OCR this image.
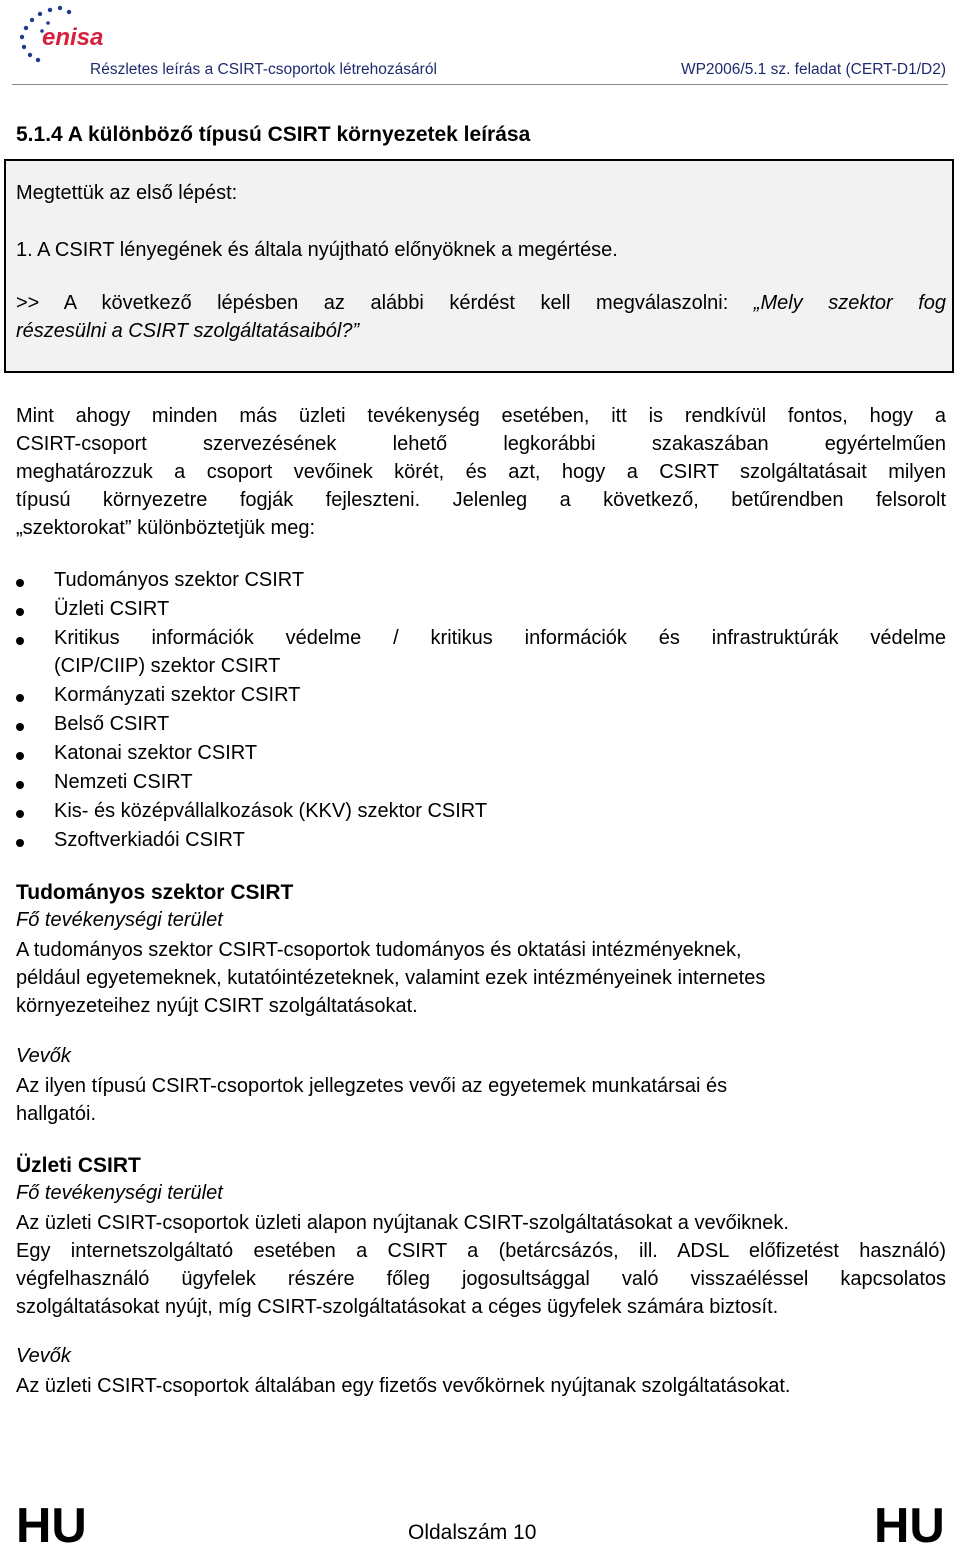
enisa
Részletes leírás a CSIRT-csoportok létrehozásáról	WP2006/5.1 sz. feladat (CERT-D1/D2)
5.1.4 A különböző típusú CSIRT környezetek leírása
Megtettük az első lépést:
1. A CSIRT lényegének és általa nyújtható előnyöknek a megértése.
>> A következő lépésben az alábbi kérdést kell megválaszolni: „Mely szektor fog
részesülni a CSIRT szolgáltatásaiból?”
Mint ahogy minden más üzleti tevékenység esetében, itt is rendkívül fontos, hogy a
CSIRT-csoport szervezésének lehető legkorábbi szakaszában egyértelműen
meghatározzuk a csoport vevőinek körét, és azt, hogy a CSIRT szolgáltatásait milyen
típusú környezetre fogják fejleszteni. Jelenleg a következő, betűrendben felsorolt
„szektorokat” különböztetjük meg:
Tudományos szektor CSIRT
Üzleti CSIRT
Kritikus információk védelme / kritikus információk és infrastruktúrák védelme
(CIP/CIIP) szektor CSIRT
Kormányzati szektor CSIRT
Belső CSIRT
Katonai szektor CSIRT
Nemzeti CSIRT
Kis- és középvállalkozások (KKV) szektor CSIRT
Szoftverkiadói CSIRT
Tudományos szektor CSIRT
Fő tevékenységi terület
A tudományos szektor CSIRT-csoportok tudományos és oktatási intézményeknek,
például egyetemeknek, kutatóintézeteknek, valamint ezek intézményeinek internetes
környezeteihez nyújt CSIRT szolgáltatásokat.
Vevők
Az ilyen típusú CSIRT-csoportok jellegzetes vevői az egyetemek munkatársai és
hallgatói.
Üzleti CSIRT
Fő tevékenységi terület
Az üzleti CSIRT-csoportok üzleti alapon nyújtanak CSIRT-szolgáltatásokat a vevőiknek.
Egy internetszolgáltató esetében a CSIRT a (betárcsázós, ill. ADSL előfizetést használó)
végfelhasználó ügyfelek részére főleg jogosultsággal való visszaéléssel kapcsolatos
szolgáltatásokat nyújt, míg CSIRT-szolgáltatásokat a céges ügyfelek számára biztosít.
Vevők
Az üzleti CSIRT-csoportok általában egy fizetős vevőkörnek nyújtanak szolgáltatásokat.
HU	Oldalszám 10	HU
